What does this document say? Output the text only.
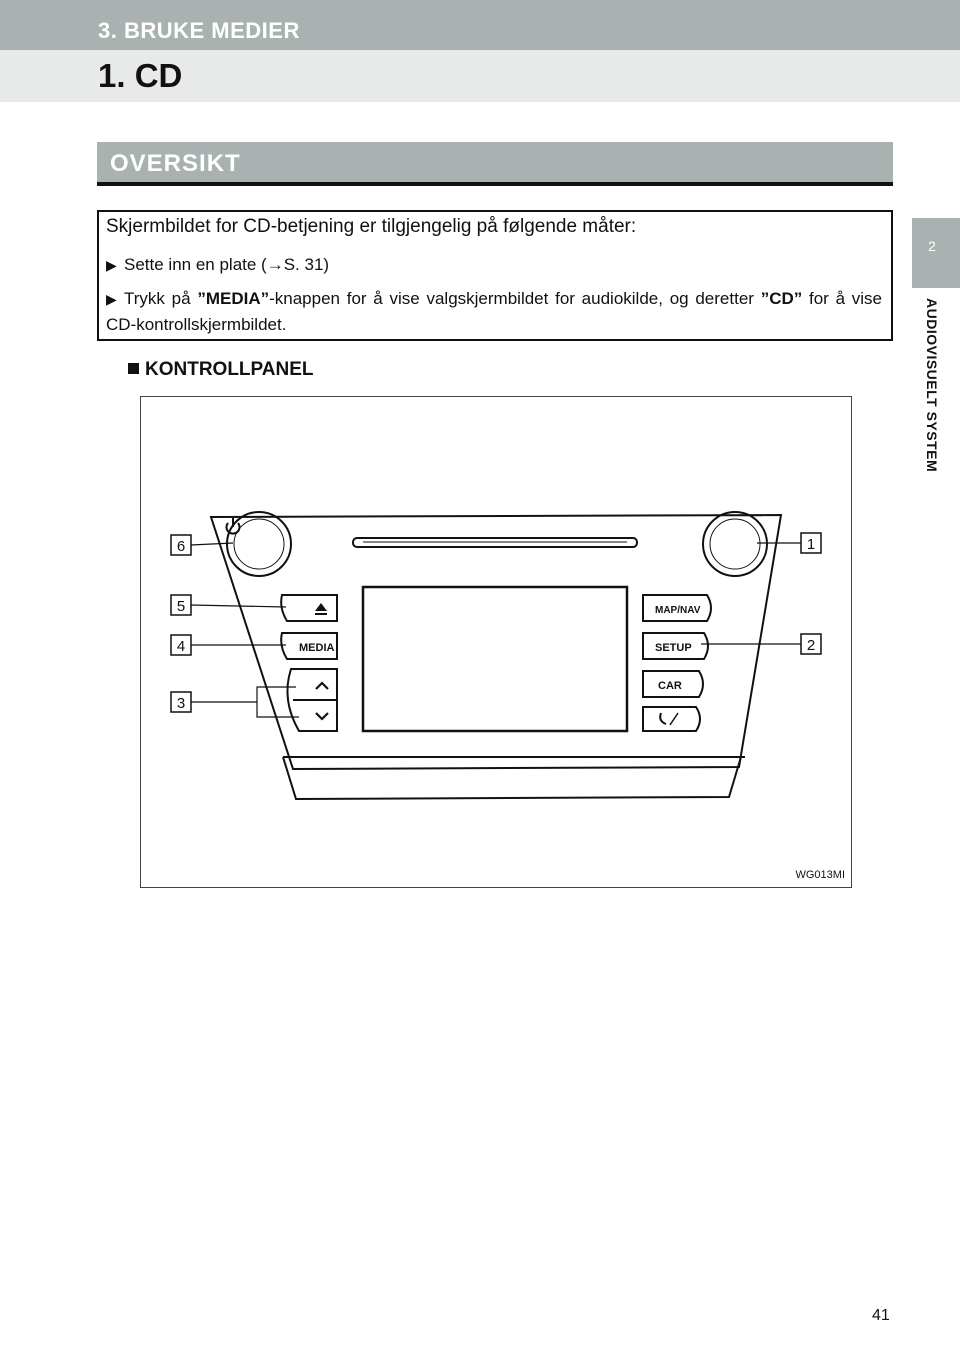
3. BRUKE MEDIER
1. CD
2
AUDIOVISUELT SYSTEM
OVERSIKT
Skjermbildet for CD-betjening er tilgjengelig på følgende måter:
▶ Sette inn en plate (→S. 31)
▶ Trykk på ”MEDIA”-knappen for å vise valgskjermbildet for audiokilde, og deretter ”CD” for å vise CD-kontrollskjermbildet.
KONTROLLPANEL
MEDIA
MAP/NAV
SETUP
CAR
1
2
3
4
5
6
WG013MI
41
